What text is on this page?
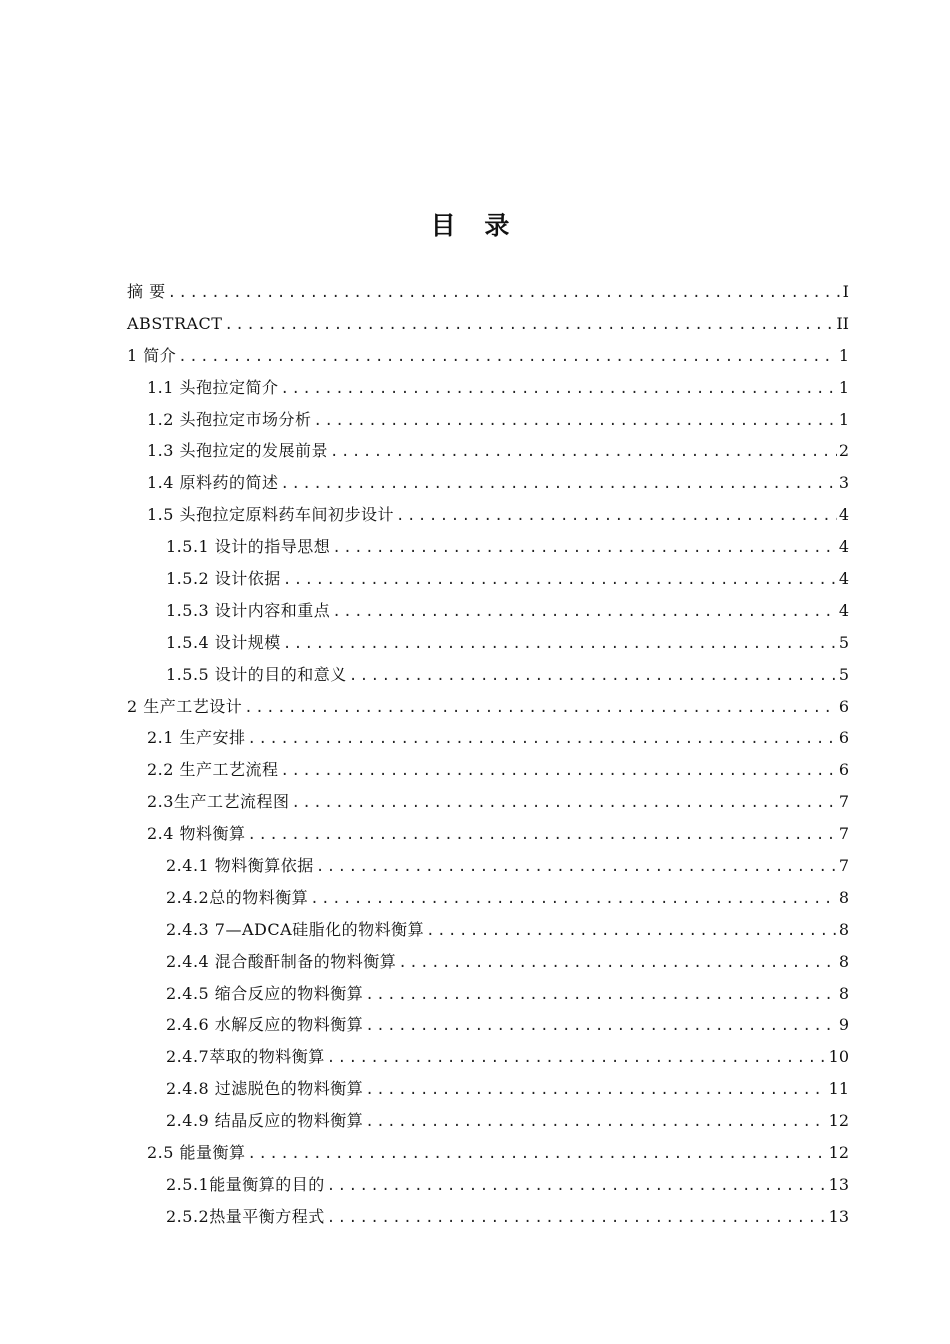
目 录
摘 要 .....	I
ABSTRACT .....	II
1 简介 .....	1
1.1 头孢拉定简介 .....	1
1.2 头孢拉定市场分析 .....	1
1.3 头孢拉定的发展前景 .....	2
1.4 原料药的简述 .....	3
1.5 头孢拉定原料药车间初步设计 .....	4
1.5.1 设计的指导思想 .....	4
1.5.2 设计依据 .....	4
1.5.3 设计内容和重点 .....	4
1.5.4 设计规模 .....	5
1.5.5 设计的目的和意义 .....	5
2 生产工艺设计 .....	6
2.1 生产安排 .....	6
2.2 生产工艺流程 .....	6
2.3生产工艺流程图 .....	7
2.4 物料衡算 .....	7
2.4.1 物料衡算依据 .....	7
2.4.2总的物料衡算 .....	8
2.4.3 7—ADCA硅脂化的物料衡算 .....	8
2.4.4 混合酸酐制备的物料衡算 .....	8
2.4.5 缩合反应的物料衡算 .....	8
2.4.6 水解反应的物料衡算 .....	9
2.4.7萃取的物料衡算 .....	10
2.4.8 过滤脱色的物料衡算 .....	11
2.4.9 结晶反应的物料衡算 .....	12
2.5 能量衡算 .....	12
2.5.1能量衡算的目的 .....	13
2.5.2热量平衡方程式 .....	13
